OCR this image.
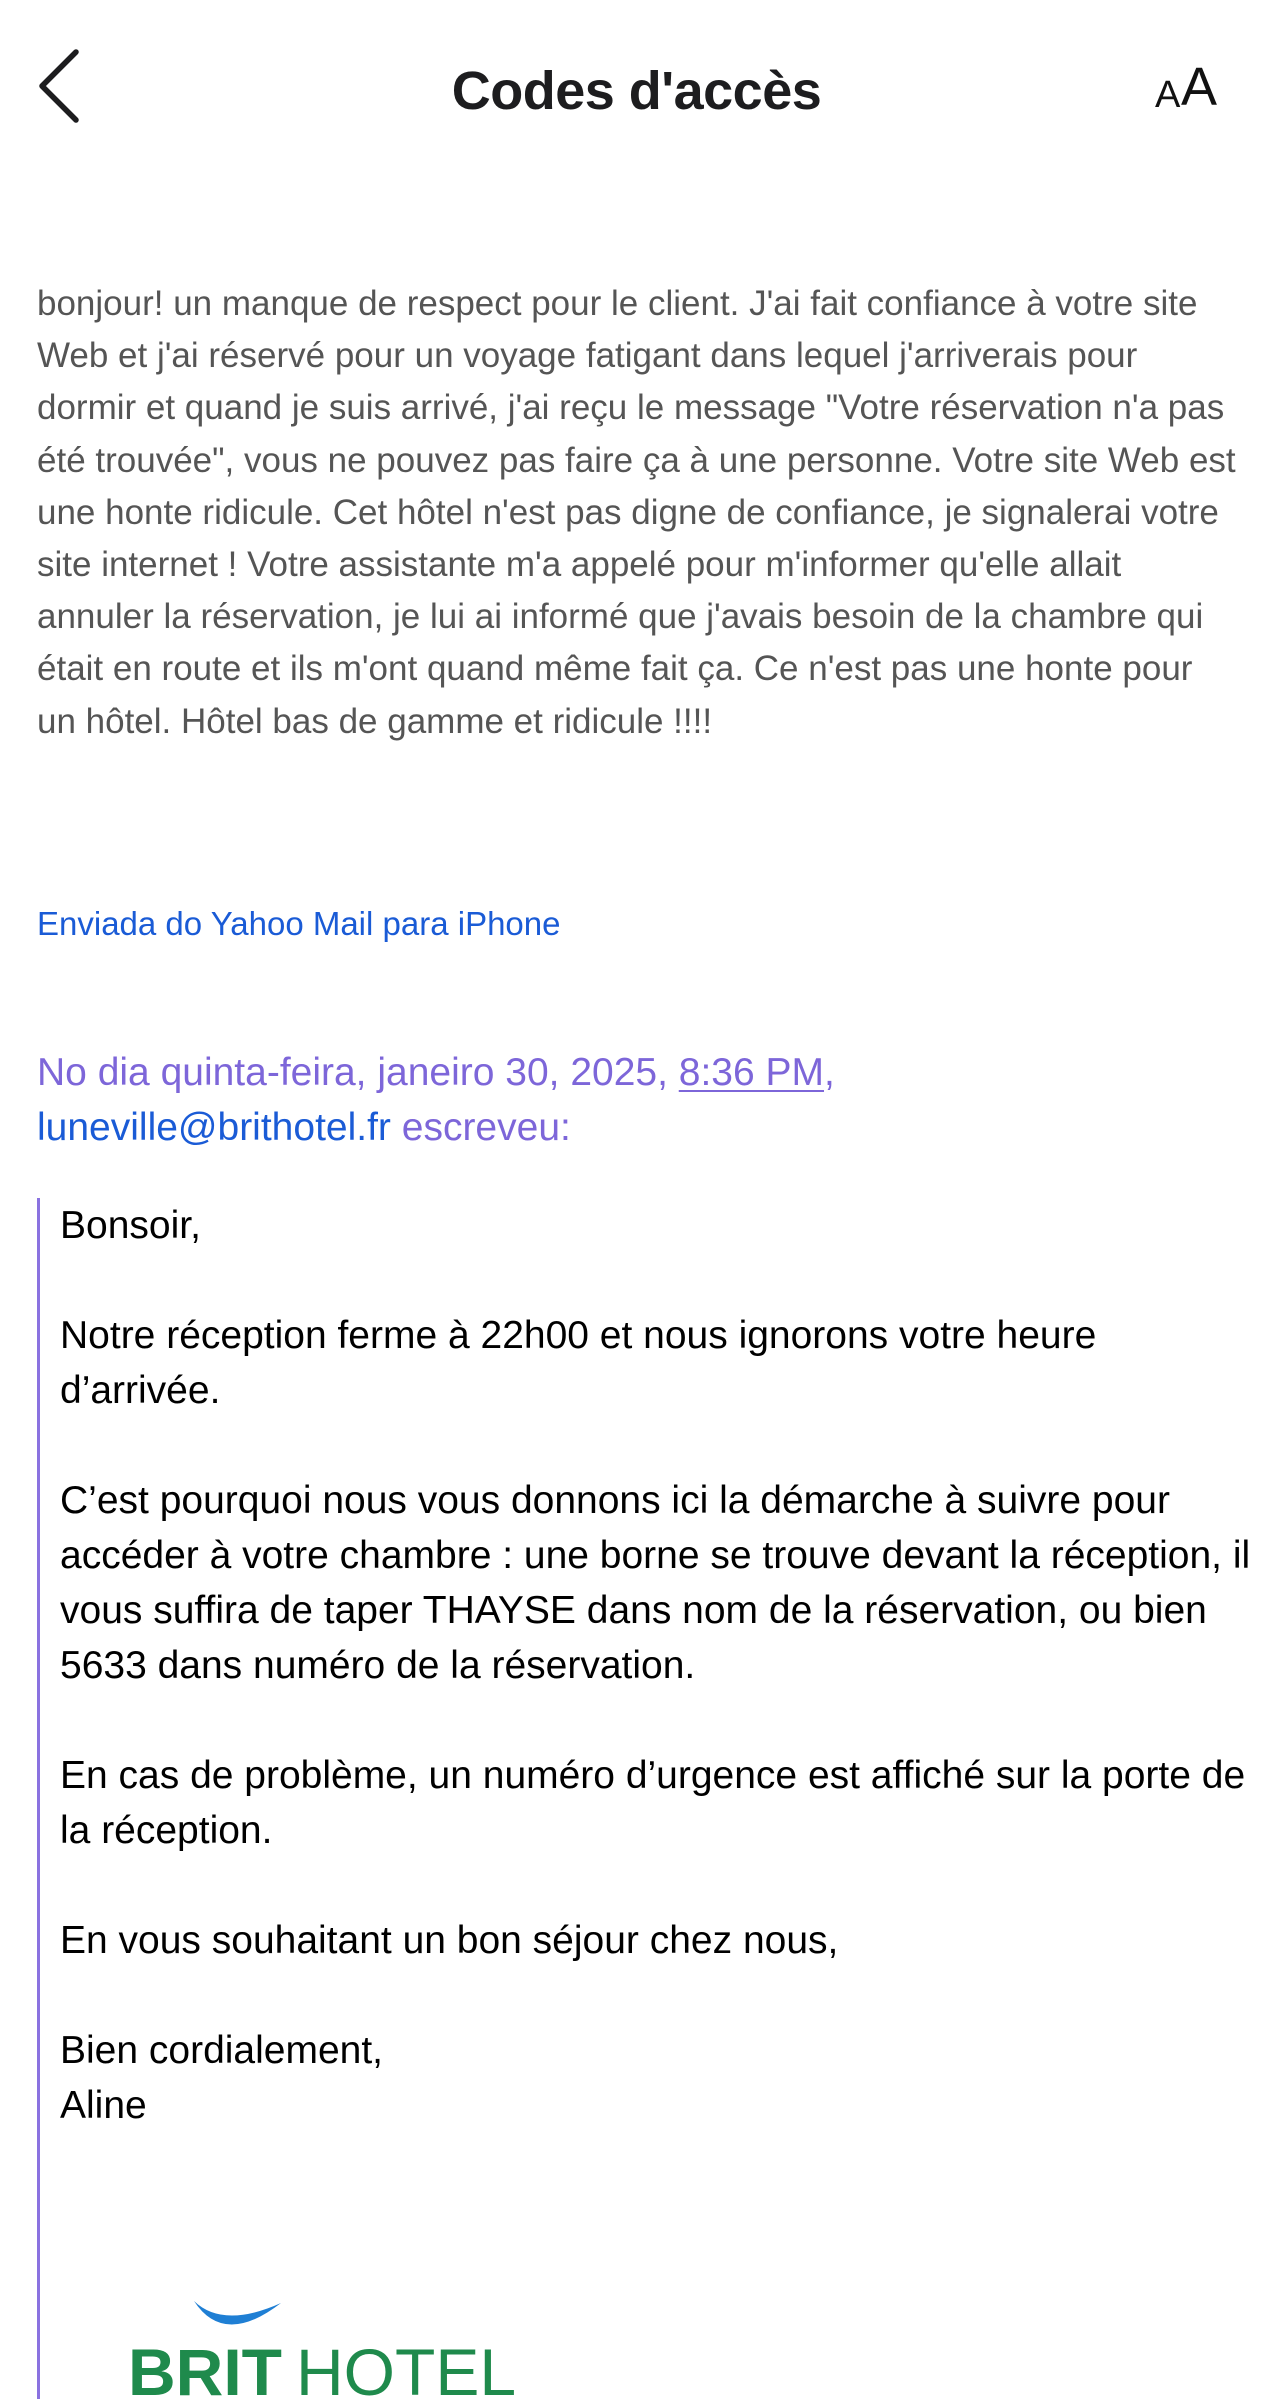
Codes d'accès	A A

bonjour! un manque de respect pour le client. J'ai fait confiance à votre site Web et j'ai réservé pour un voyage fatigant dans lequel j'arriverais pour dormir et quand je suis arrivé, j'ai reçu le message "Votre réservation n'a pas été trouvée", vous ne pouvez pas faire ça à une personne. Votre site Web est une honte ridicule. Cet hôtel n'est pas digne de confiance, je signalerai votre site internet ! Votre assistante m'a appelé pour m'informer qu'elle allait annuler la réservation, je lui ai informé que j'avais besoin de la chambre qui était en route et ils m'ont quand même fait ça. Ce n'est pas une honte pour un hôtel. Hôtel bas de gamme et ridicule !!!!

Enviada do Yahoo Mail para iPhone
No dia quinta-feira, janeiro 30, 2025, 8:36 PM,
luneville@brithotel.fr escreveu:

Bonsoir,

Notre réception ferme à 22h00 et nous ignorons votre heure d’arrivée.

C’est pourquoi nous vous donnons ici la démarche à suivre pour accéder à votre chambre : une borne se trouve devant la réception, il vous suffira de taper THAYSE dans nom de la réservation, ou bien 5633 dans numéro de la réservation.

En cas de problème, un numéro d’urgence est affiché sur la porte de la réception.

En vous souhaitant un bon séjour chez nous,

Bien cordialement,

Aline

BRIT HOTEL
